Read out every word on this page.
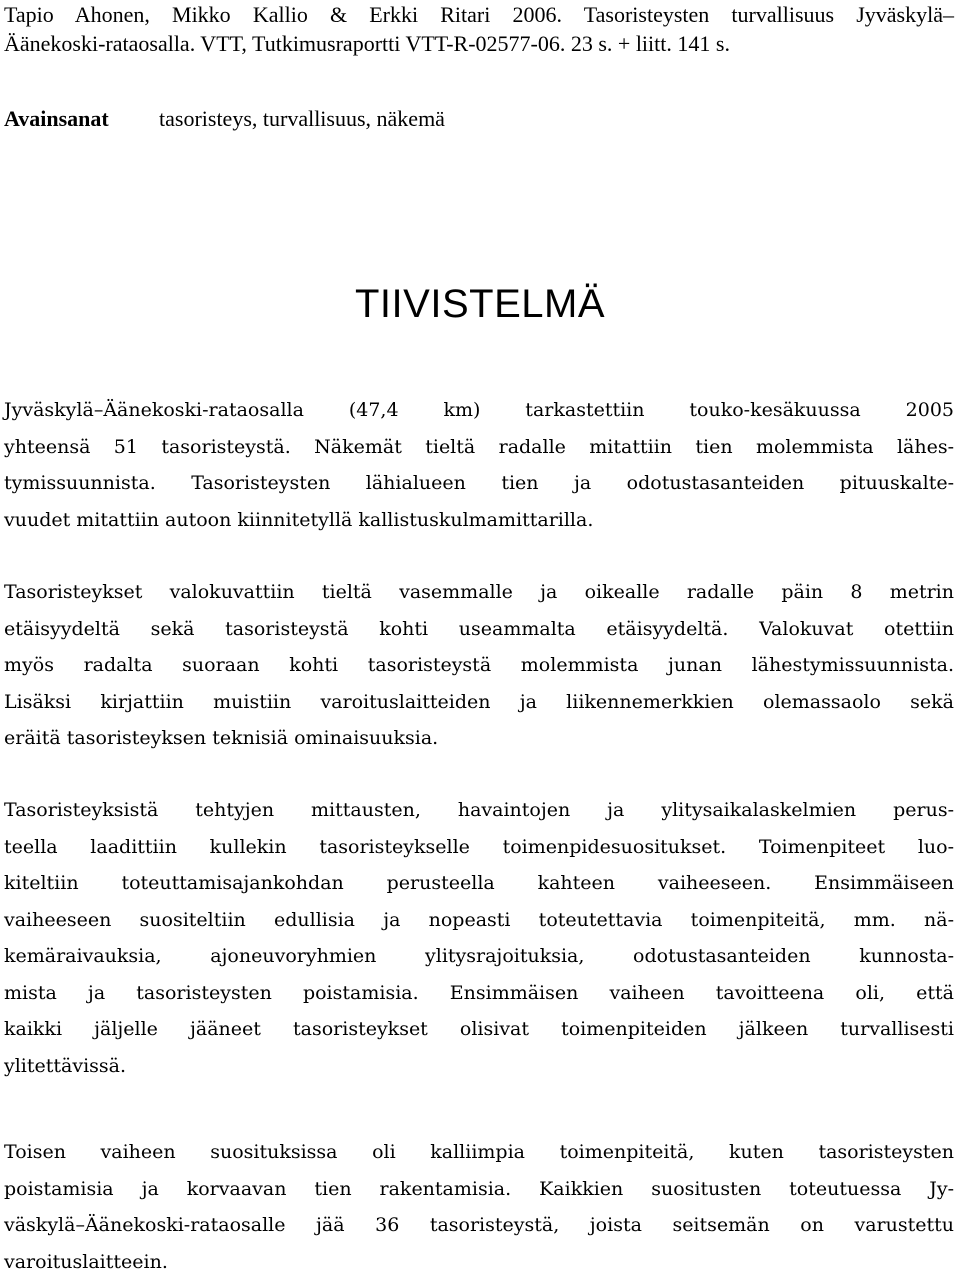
Tapio Ahonen, Mikko Kallio & Erkki Ritari 2006. Tasoristeysten turvallisuus Jyväskylä–
Äänekoski-rataosalla. VTT, Tutkimusraportti VTT-R-02577-06. 23 s. + liitt. 141 s.
Avainsanat tasoristeys, turvallisuus, näkemä
TIIVISTELMÄ
Jyväskylä–Äänekoski-rataosalla (47,4 km) tarkastettiin touko-kesäkuussa 2005
yhteensä 51 tasoristeystä. Näkemät tieltä radalle mitattiin tien molemmista lähes-
tymissuunnista. Tasoristeysten lähialueen tien ja odotustasanteiden pituuskalte-
vuudet mitattiin autoon kiinnitetyllä kallistuskulmamittarilla.
Tasoristeykset valokuvattiin tieltä vasemmalle ja oikealle radalle päin 8 metrin
etäisyydeltä sekä tasoristeystä kohti useammalta etäisyydeltä. Valokuvat otettiin
myös radalta suoraan kohti tasoristeystä molemmista junan lähestymissuunnista.
Lisäksi kirjattiin muistiin varoituslaitteiden ja liikennemerkkien olemassaolo sekä
eräitä tasoristeyksen teknisiä ominaisuuksia.
Tasoristeyksistä tehtyjen mittausten, havaintojen ja ylitysaikalaskelmien perus-
teella laadittiin kullekin tasoristeykselle toimenpidesuositukset. Toimenpiteet luo-
kiteltiin toteuttamisajankohdan perusteella kahteen vaiheeseen. Ensimmäiseen
vaiheeseen suositeltiin edullisia ja nopeasti toteutettavia toimenpiteitä, mm. nä-
kemäraivauksia, ajoneuvoryhmien ylitysrajoituksia, odotustasanteiden kunnosta-
mista ja tasoristeysten poistamisia. Ensimmäisen vaiheen tavoitteena oli, että
kaikki jäljelle jääneet tasoristeykset olisivat toimenpiteiden jälkeen turvallisesti
ylitettävissä.
Toisen vaiheen suosituksissa oli kalliimpia toimenpiteitä, kuten tasoristeysten
poistamisia ja korvaavan tien rakentamisia. Kaikkien suositusten toteutuessa Jy-
väskylä–Äänekoski-rataosalle jää 36 tasoristeystä, joista seitsemän on varustettu
varoituslaitteein.
